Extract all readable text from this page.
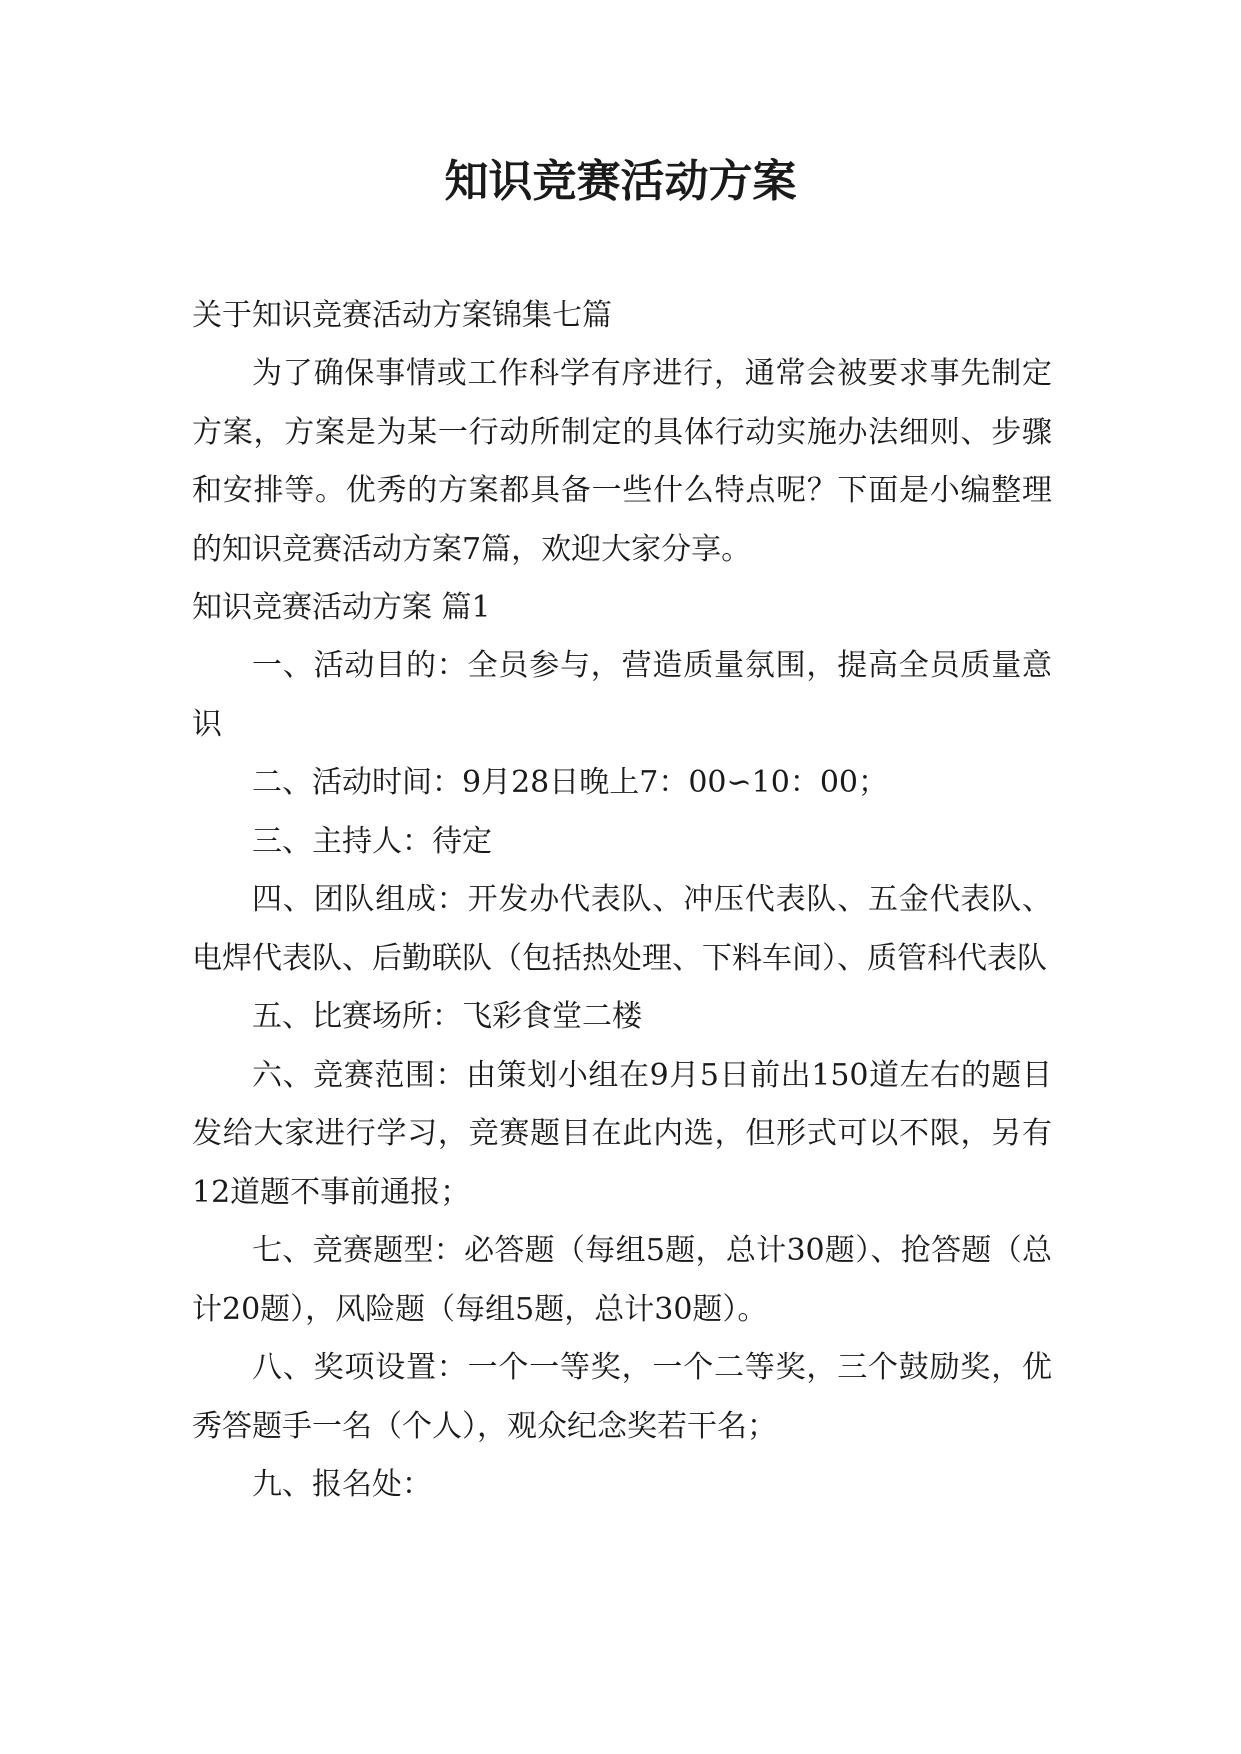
知识竞赛活动方案

关于知识竞赛活动方案锦集七篇

为了确保事情或工作科学有序进行，通常会被要求事先制定方案，方案是为某一行动所制定的具体行动实施办法细则、步骤和安排等。优秀的方案都具备一些什么特点呢？下面是小编整理的知识竞赛活动方案7篇，欢迎大家分享。

知识竞赛活动方案 篇1

一、活动目的：全员参与，营造质量氛围，提高全员质量意识

二、活动时间：9月28日晚上7：00∽10：00；

三、主持人：待定

四、团队组成：开发办代表队、冲压代表队、五金代表队、电焊代表队、后勤联队（包括热处理、下料车间）、质管科代表队

五、比赛场所：飞彩食堂二楼

六、竞赛范围：由策划小组在9月5日前出150道左右的题目发给大家进行学习，竞赛题目在此内选，但形式可以不限，另有12道题不事前通报；

七、竞赛题型：必答题（每组5题，总计30题）、抢答题（总计20题），风险题（每组5题，总计30题）。

八、奖项设置：一个一等奖，一个二等奖，三个鼓励奖，优秀答题手一名（个人），观众纪念奖若干名；

九、报名处：
